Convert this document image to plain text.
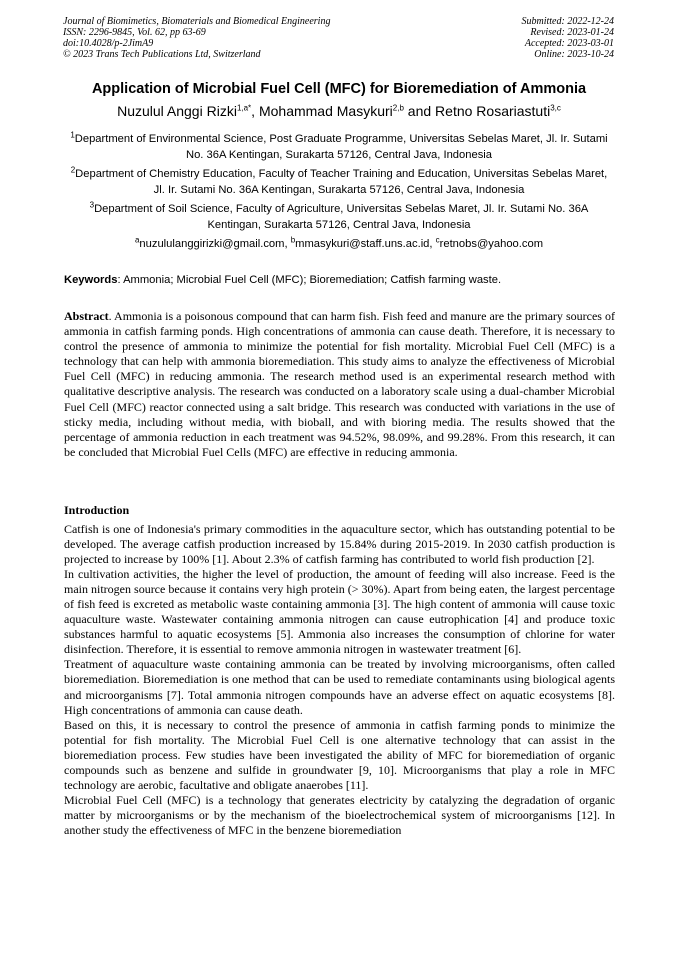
Journal of Biomimetics, Biomaterials and Biomedical Engineering
ISSN: 2296-9845, Vol. 62, pp 63-69
doi:10.4028/p-2JimA9
© 2023 Trans Tech Publications Ltd, Switzerland
Submitted: 2022-12-24
Revised: 2023-01-24
Accepted: 2023-03-01
Online: 2023-10-24
Application of Microbial Fuel Cell (MFC) for Bioremediation of Ammonia
Nuzulul Anggi Rizki$^{1,a*}$, Mohammad Masykuri$^{2,b}$ and Retno Rosariastuti$^{3,c}$
$^1$Department of Environmental Science, Post Graduate Programme, Universitas Sebelas Maret, Jl. Ir. Sutami No. 36A Kentingan, Surakarta 57126, Central Java, Indonesia
$^2$Department of Chemistry Education, Faculty of Teacher Training and Education, Universitas Sebelas Maret, Jl. Ir. Sutami No. 36A Kentingan, Surakarta 57126, Central Java, Indonesia
$^3$Department of Soil Science, Faculty of Agriculture, Universitas Sebelas Maret, Jl. Ir. Sutami No. 36A Kentingan, Surakarta 57126, Central Java, Indonesia
$^a$nuzululanggirizki@gmail.com, $^b$mmasykuri@staff.uns.ac.id, $^c$retnobs@yahoo.com
Keywords: Ammonia; Microbial Fuel Cell (MFC); Bioremediation; Catfish farming waste.
Abstract. Ammonia is a poisonous compound that can harm fish. Fish feed and manure are the primary sources of ammonia in catfish farming ponds. High concentrations of ammonia can cause death. Therefore, it is necessary to control the presence of ammonia to minimize the potential for fish mortality. Microbial Fuel Cell (MFC) is a technology that can help with ammonia bioremediation. This study aims to analyze the effectiveness of Microbial Fuel Cell (MFC) in reducing ammonia. The research method used is an experimental research method with qualitative descriptive analysis. The research was conducted on a laboratory scale using a dual-chamber Microbial Fuel Cell (MFC) reactor connected using a salt bridge. This research was conducted with variations in the use of sticky media, including without media, with bioball, and with bioring media. The results showed that the percentage of ammonia reduction in each treatment was 94.52%, 98.09%, and 99.28%. From this research, it can be concluded that Microbial Fuel Cells (MFC) are effective in reducing ammonia.
Introduction

Catfish is one of Indonesia's primary commodities in the aquaculture sector, which has outstanding potential to be developed. The average catfish production increased by 15.84% during 2015-2019. In 2030 catfish production is projected to increase by 100% [1]. About 2.3% of catfish farming has contributed to world fish production [2].

In cultivation activities, the higher the level of production, the amount of feeding will also increase. Feed is the main nitrogen source because it contains very high protein (> 30%). Apart from being eaten, the largest percentage of fish feed is excreted as metabolic waste containing ammonia [3]. The high content of ammonia will cause toxic aquaculture waste. Wastewater containing ammonia nitrogen can cause eutrophication [4] and produce toxic substances harmful to aquatic ecosystems [5]. Ammonia also increases the consumption of chlorine for water disinfection. Therefore, it is essential to remove ammonia nitrogen in wastewater treatment [6].

Treatment of aquaculture waste containing ammonia can be treated by involving microorganisms, often called bioremediation. Bioremediation is one method that can be used to remediate contaminants using biological agents and microorganisms [7]. Total ammonia nitrogen compounds have an adverse effect on aquatic ecosystems [8]. High concentrations of ammonia can cause death.

Based on this, it is necessary to control the presence of ammonia in catfish farming ponds to minimize the potential for fish mortality. The Microbial Fuel Cell is one alternative technology that can assist in the bioremediation process. Few studies have been investigated the ability of MFC for bioremediation of organic compounds such as benzene and sulfide in groundwater [9, 10]. Microorganisms that play a role in MFC technology are aerobic, facultative and obligate anaerobes [11].

Microbial Fuel Cell (MFC) is a technology that generates electricity by catalyzing the degradation of organic matter by microorganisms or by the mechanism of the bioelectrochemical system of microorganisms [12]. In another study the effectiveness of MFC in the benzene bioremediation
